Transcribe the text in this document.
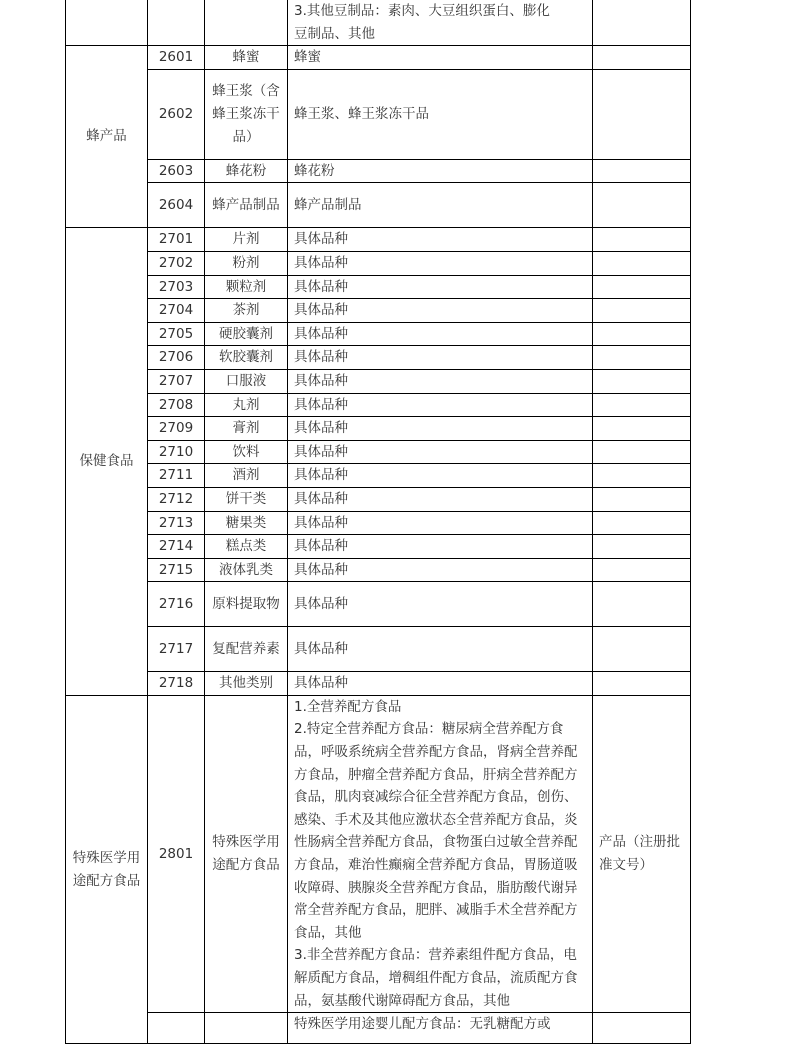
			3.其他豆制品：素肉、大豆组织蛋白、膨化
豆制品、其他	

蜂产品	2601	蜂蜜	蜂蜜	
	2602	蜂王浆（含蜂王浆冻干品）	蜂王浆、蜂王浆冻干品	
	2603	蜂花粉	蜂花粉	
	2604	蜂产品制品	蜂产品制品	
保健食品	2701	片剂	具体品种	
	2702	粉剂	具体品种	
	2703	颗粒剂	具体品种	
	2704	茶剂	具体品种	
	2705	硬胶囊剂	具体品种	
	2706	软胶囊剂	具体品种	
	2707	口服液	具体品种	
	2708	丸剂	具体品种	
	2709	膏剂	具体品种	
	2710	饮料	具体品种	
	2711	酒剂	具体品种	
	2712	饼干类	具体品种	
	2713	糖果类	具体品种	
	2714	糕点类	具体品种	
	2715	液体乳类	具体品种	
	2716	原料提取物	具体品种	
	2717	复配营养素	具体品种	
	2718	其他类别	具体品种	
特殊医学用途配方食品	2801	特殊医学用途配方食品	1.全营养配方食品
2.特定全营养配方食品：糖尿病全营养配方食品，呼吸系统病全营养配方食品，肾病全营养配方食品，肿瘤全营养配方食品，肝病全营养配方食品，肌肉衰减综合征全营养配方食品，创伤、感染、手术及其他应激状态全营养配方食品，炎性肠病全营养配方食品，食物蛋白过敏全营养配方食品，难治性癫痫全营养配方食品，胃肠道吸收障碍、胰腺炎全营养配方食品，脂肪酸代谢异常全营养配方食品，肥胖、减脂手术全营养配方食品，其他
3.非全营养配方食品：营养素组件配方食品，电解质配方食品，增稠组件配方食品，流质配方食品，氨基酸代谢障碍配方食品，其他	产品（注册批准文号）
			特殊医学用途婴儿配方食品：无乳糖配方或	
